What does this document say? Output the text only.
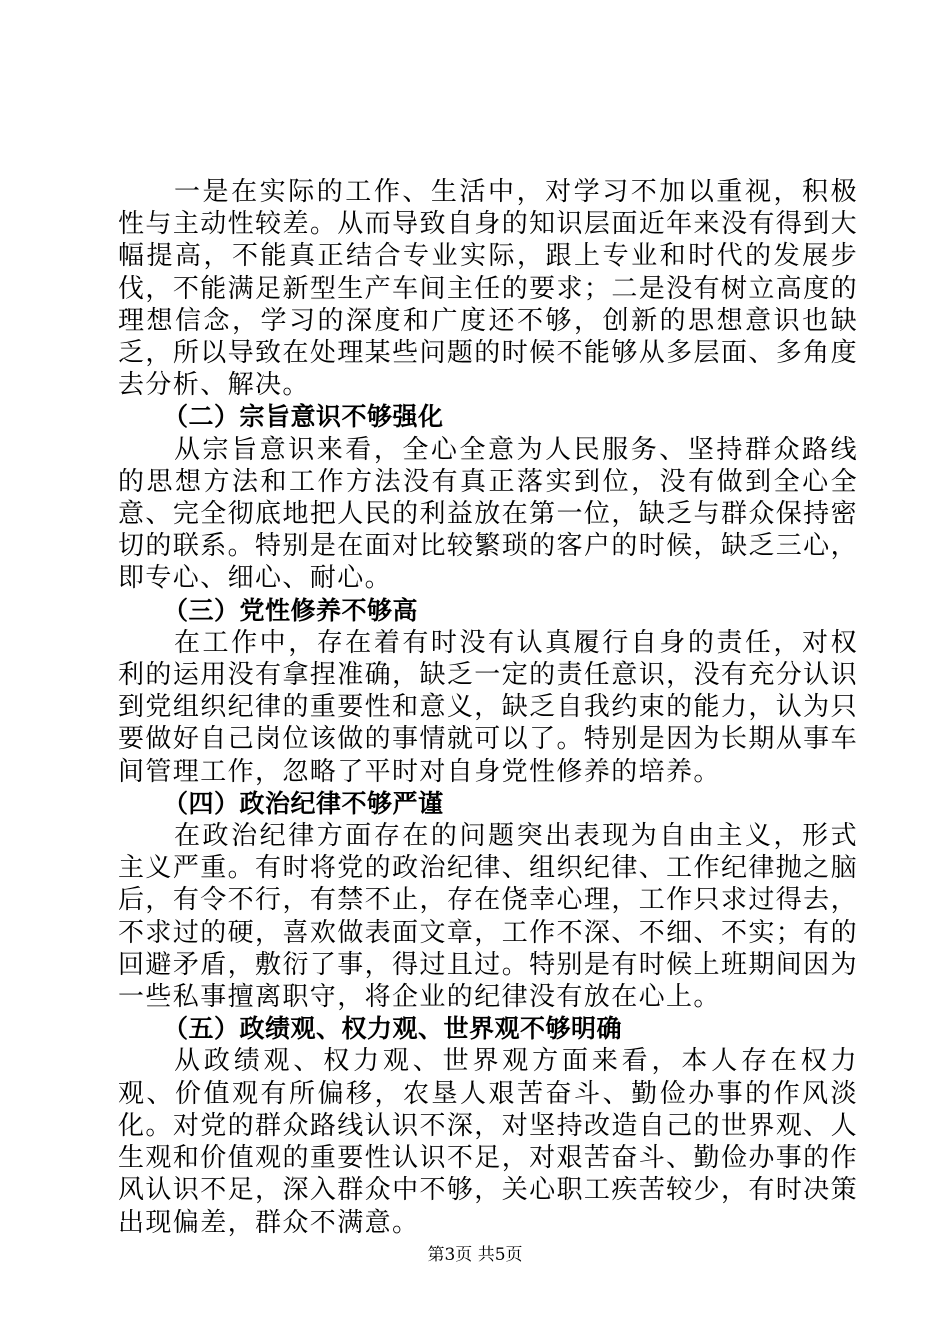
一是在实际的工作、生活中，对学习不加以重视，积极性与主动性较差。从而导致自身的知识层面近年来没有得到大幅提高，不能真正结合专业实际，跟上专业和时代的发展步伐，不能满足新型生产车间主任的要求；二是没有树立高度的理想信念，学习的深度和广度还不够，创新的思想意识也缺乏，所以导致在处理某些问题的时候不能够从多层面、多角度去分析、解决。

（二）宗旨意识不够强化

从宗旨意识来看，全心全意为人民服务、坚持群众路线的思想方法和工作方法没有真正落实到位，没有做到全心全意、完全彻底地把人民的利益放在第一位，缺乏与群众保持密切的联系。特别是在面对比较繁琐的客户的时候，缺乏三心，即专心、细心、耐心。

（三）党性修养不够高

在工作中，存在着有时没有认真履行自身的责任，对权利的运用没有拿捏准确，缺乏一定的责任意识，没有充分认识到党组织纪律的重要性和意义，缺乏自我约束的能力，认为只要做好自己岗位该做的事情就可以了。特别是因为长期从事车间管理工作，忽略了平时对自身党性修养的培养。

（四）政治纪律不够严谨

在政治纪律方面存在的问题突出表现为自由主义，形式主义严重。有时将党的政治纪律、组织纪律、工作纪律抛之脑后，有令不行，有禁不止，存在侥幸心理，工作只求过得去，不求过的硬，喜欢做表面文章，工作不深、不细、不实；有的回避矛盾，敷衍了事，得过且过。特别是有时候上班期间因为一些私事擅离职守，将企业的纪律没有放在心上。

（五）政绩观、权力观、世界观不够明确

从政绩观、权力观、世界观方面来看，本人存在权力观、价值观有所偏移，农垦人艰苦奋斗、勤俭办事的作风淡化。对党的群众路线认识不深，对坚持改造自己的世界观、人生观和价值观的重要性认识不足，对艰苦奋斗、勤俭办事的作风认识不足，深入群众中不够，关心职工疾苦较少，有时决策出现偏差，群众不满意。

第3页 共5页
